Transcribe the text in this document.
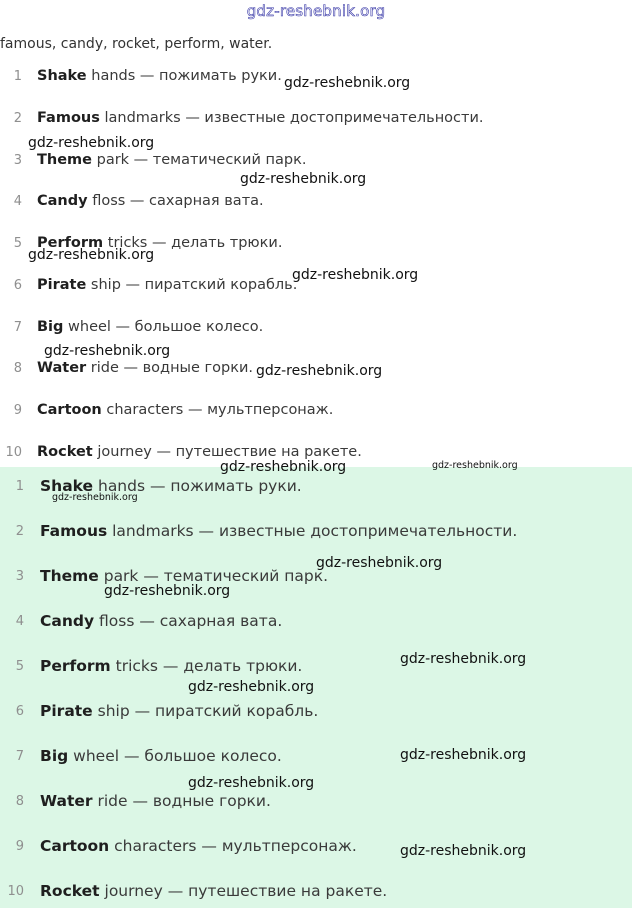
gdz-reshebnik.org
famous, candy, rocket, perform, water.
1 Shake hands — пожимать руки.
2 Famous landmarks — известные достопримечательности.
3 Theme park — тематический парк.
4 Candy floss — сахарная вата.
5 Perform tricks — делать трюки.
6 Pirate ship — пиратский корабль.
7 Big wheel — большое колесо.
8 Water ride — водные горки.
9 Cartoon characters — мультперсонаж.
10 Rocket journey — путешествие на ракете.
1 Shake hands — пожимать руки.
2 Famous landmarks — известные достопримечательности.
3 Theme park — тематический парк.
4 Candy floss — сахарная вата.
5 Perform tricks — делать трюки.
6 Pirate ship — пиратский корабль.
7 Big wheel — большое колесо.
8 Water ride — водные горки.
9 Cartoon characters — мультперсонаж.
10 Rocket journey — путешествие на ракете.
gdz-reshebnik.org
gdz-reshebnik.org
gdz-reshebnik.org
gdz-reshebnik.org
gdz-reshebnik.org
gdz-reshebnik.org
gdz-reshebnik.org
gdz-reshebnik.org	gdz-reshebnik.org
gdz-reshebnik.org
gdz-reshebnik.org
gdz-reshebnik.org
gdz-reshebnik.org
gdz-reshebnik.org
gdz-reshebnik.org
gdz-reshebnik.org
gdz-reshebnik.org
